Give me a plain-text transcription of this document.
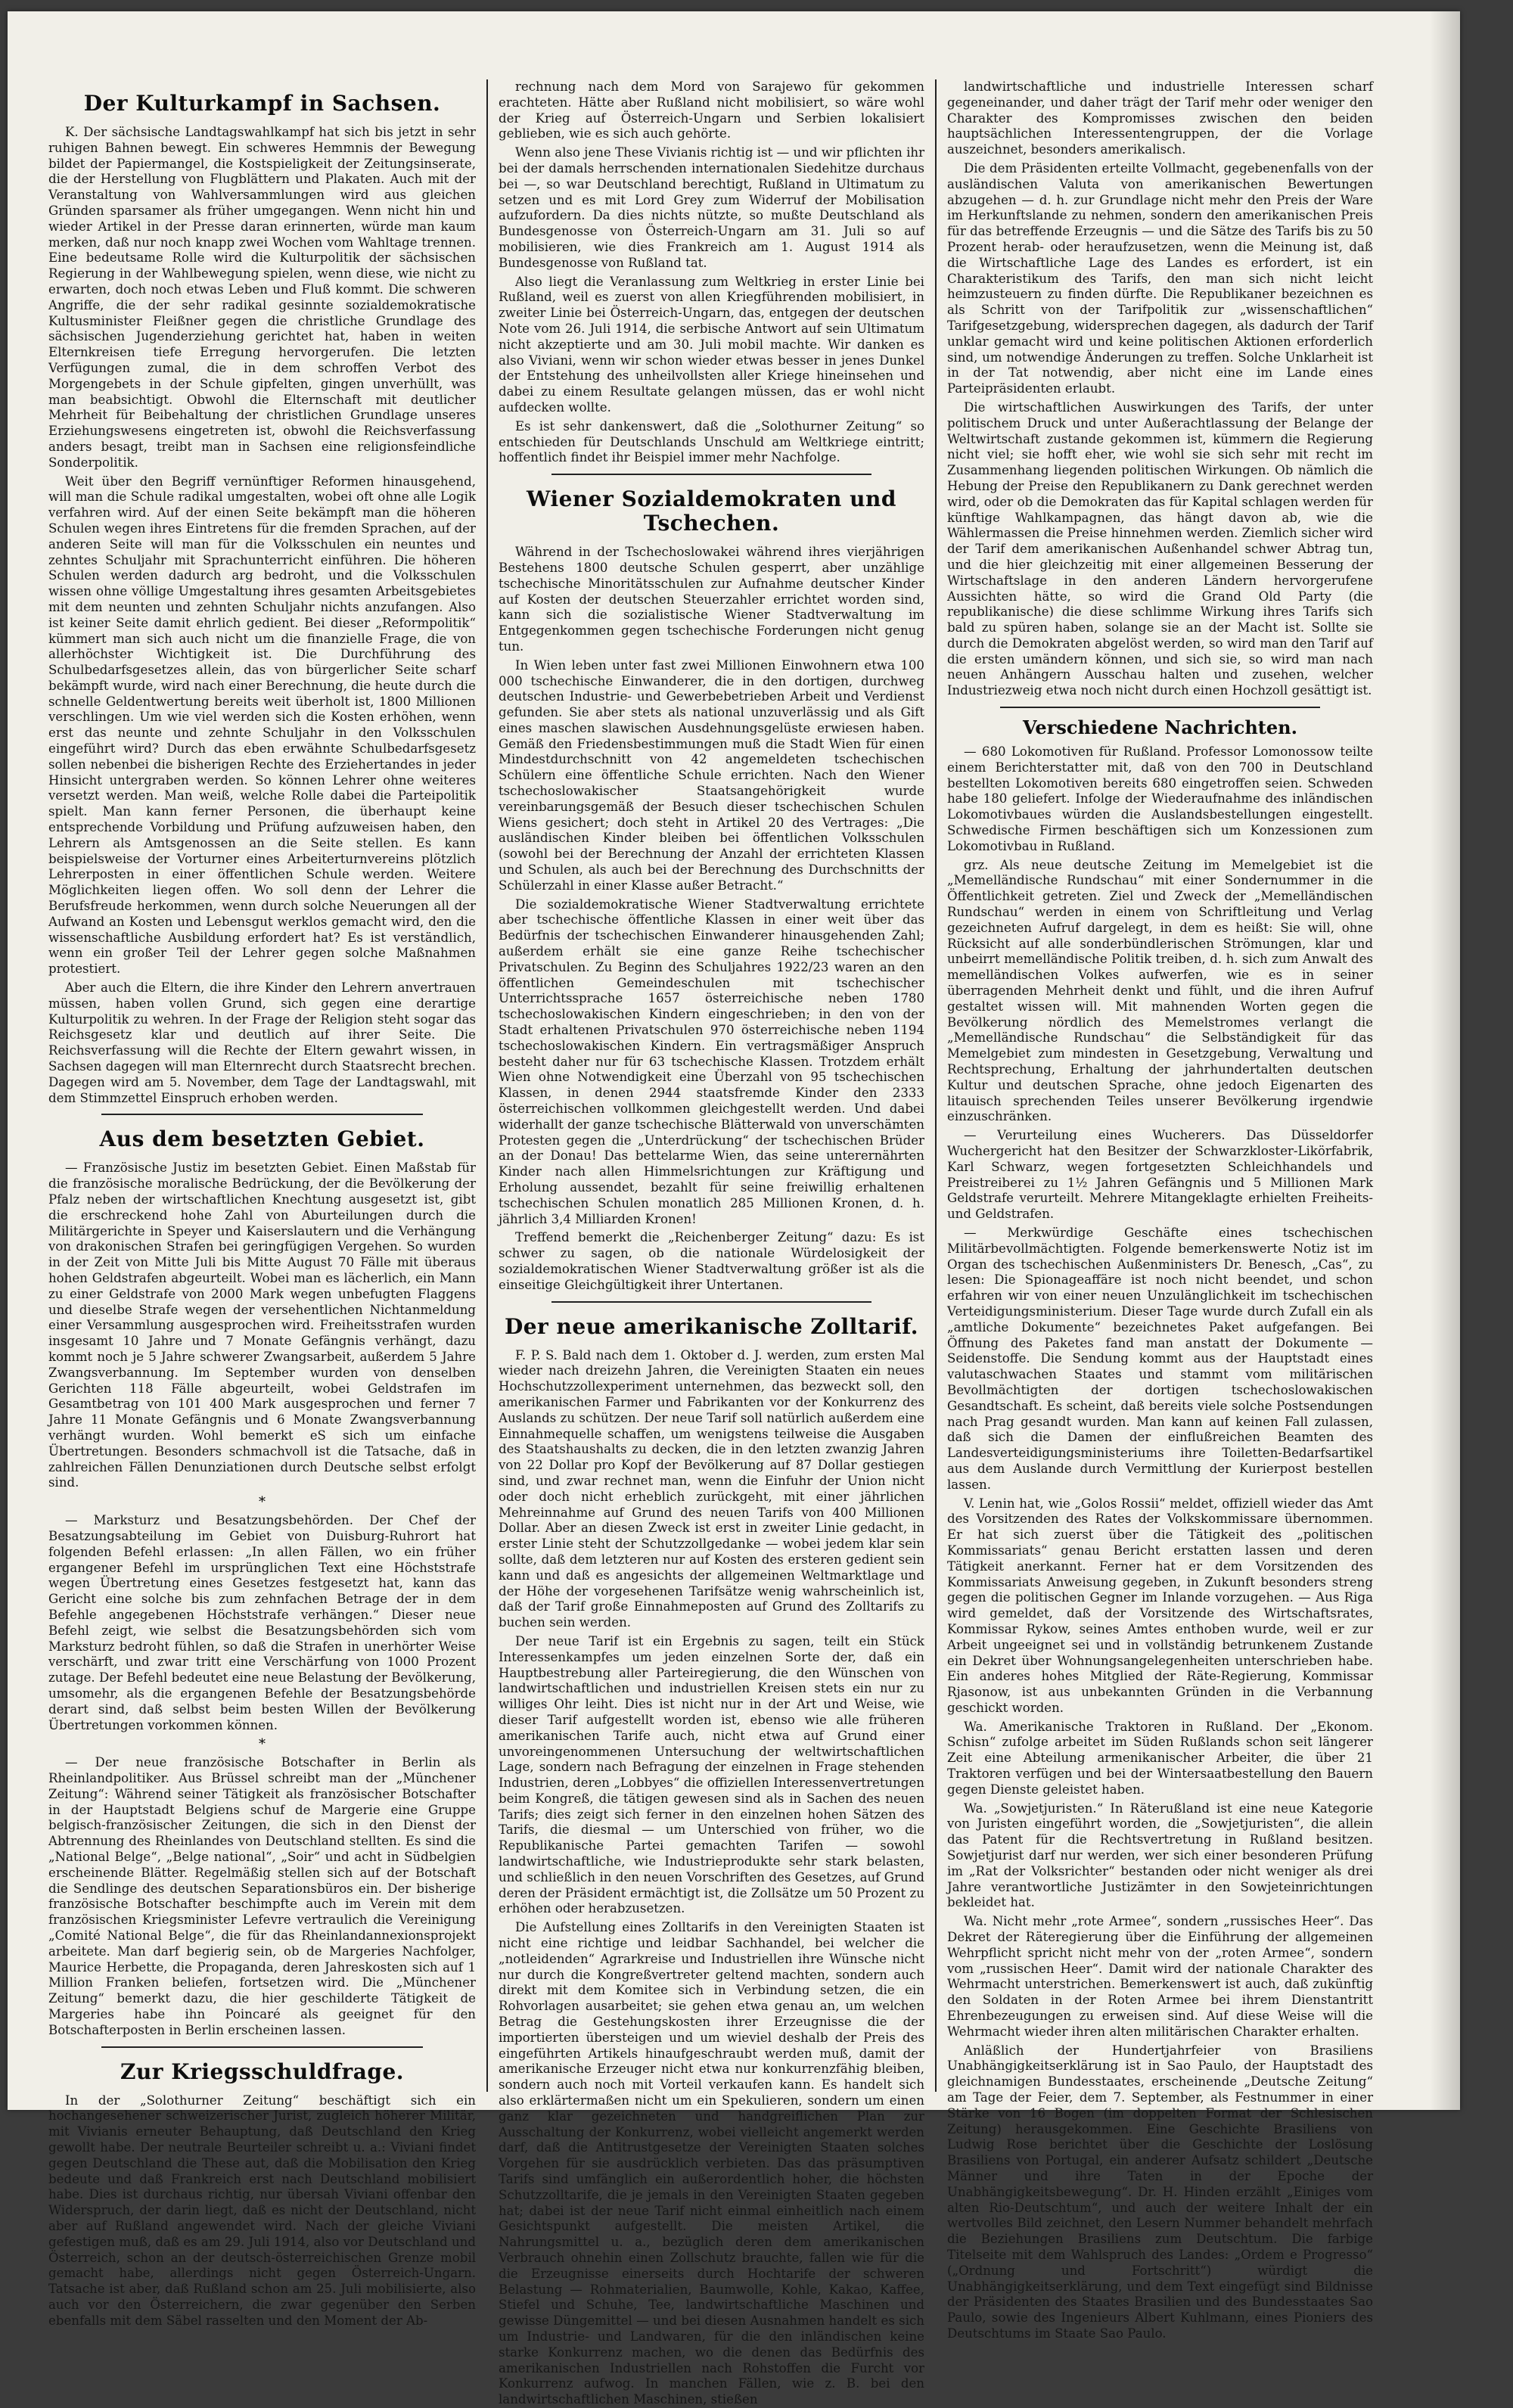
Der Kulturkampf in Sachsen.

K. Der sächsische Landtagswahlkampf hat sich bis jetzt in sehr ruhigen Bahnen bewegt. Ein schweres Hemmnis der Bewegung bildet der Papiermangel, die Kostspieligkeit der Zeitungsinserate, die der Herstellung von Flugblättern und Plakaten. Auch mit der Veranstaltung von Wahlversammlungen wird aus gleichen Gründen sparsamer als früher umgegangen. Wenn nicht hin und wieder Artikel in der Presse daran erinnerten, würde man kaum merken, daß nur noch knapp zwei Wochen vom Wahltage trennen. Eine bedeutsame Rolle wird die Kulturpolitik der sächsischen Regierung in der Wahlbewegung spielen, wenn diese, wie nicht zu erwarten, doch noch etwas Leben und Fluß kommt. Die schweren Angriffe, die der sehr radikal gesinnte sozialdemokratische Kultusminister Fleißner gegen die christliche Grundlage des sächsischen Jugenderziehung gerichtet hat, haben in weiten Elternkreisen tiefe Erregung hervorgerufen. Die letzten Verfügungen zumal, die in dem schroffen Verbot des Morgengebets in der Schule gipfelten, gingen unverhüllt, was man beabsichtigt. Obwohl die Elternschaft mit deutlicher Mehrheit für Beibehaltung der christlichen Grundlage unseres Erziehungswesens eingetreten ist, obwohl die Reichsverfassung anders besagt, treibt man in Sachsen eine religionsfeindliche Sonderpolitik.

Weit über den Begriff vernünftiger Reformen hinausgehend, will man die Schule radikal umgestalten, wobei oft ohne alle Logik verfahren wird. Auf der einen Seite bekämpft man die höheren Schulen wegen ihres Eintretens für die fremden Sprachen, auf der anderen Seite will man für die Volksschulen ein neuntes und zehntes Schuljahr mit Sprachunterricht einführen. Die höheren Schulen werden dadurch arg bedroht, und die Volksschulen wissen ohne völlige Umgestaltung ihres gesamten Arbeitsgebietes mit dem neunten und zehnten Schuljahr nichts anzufangen. Also ist keiner Seite damit ehrlich gedient. Bei dieser „Reformpolitik“ kümmert man sich auch nicht um die finanzielle Frage, die von allerhöchster Wichtigkeit ist. Die Durchführung des Schulbedarfsgesetzes allein, das von bürgerlicher Seite scharf bekämpft wurde, wird nach einer Berechnung, die heute durch die schnelle Geldentwertung bereits weit überholt ist, 1800 Millionen verschlingen. Um wie viel werden sich die Kosten erhöhen, wenn erst das neunte und zehnte Schuljahr in den Volksschulen eingeführt wird? Durch das eben erwähnte Schulbedarfsgesetz sollen nebenbei die bisherigen Rechte des Erziehertandes in jeder Hinsicht untergraben werden. So können Lehrer ohne weiteres versetzt werden. Man weiß, welche Rolle dabei die Parteipolitik spielt. Man kann ferner Personen, die überhaupt keine entsprechende Vorbildung und Prüfung aufzuweisen haben, den Lehrern als Amtsgenossen an die Seite stellen. Es kann beispielsweise der Vorturner eines Arbeiterturnvereins plötzlich Lehrerposten in einer öffentlichen Schule werden. Weitere Möglichkeiten liegen offen. Wo soll denn der Lehrer die Berufsfreude herkommen, wenn durch solche Neuerungen all der Aufwand an Kosten und Lebensgut werklos gemacht wird, den die wissenschaftliche Ausbildung erfordert hat? Es ist verständlich, wenn ein großer Teil der Lehrer gegen solche Maßnahmen protestiert.

Aber auch die Eltern, die ihre Kinder den Lehrern anvertrauen müssen, haben vollen Grund, sich gegen eine derartige Kulturpolitik zu wehren. In der Frage der Religion steht sogar das Reichsgesetz klar und deutlich auf ihrer Seite. Die Reichsverfassung will die Rechte der Eltern gewahrt wissen, in Sachsen dagegen will man Elternrecht durch Staatsrecht brechen. Dagegen wird am 5. November, dem Tage der Landtagswahl, mit dem Stimmzettel Einspruch erhoben werden.

Aus dem besetzten Gebiet.

— Französische Justiz im besetzten Gebiet. Einen Maßstab für die französische moralische Bedrückung, der die Bevölkerung der Pfalz neben der wirtschaftlichen Knechtung ausgesetzt ist, gibt die erschreckend hohe Zahl von Aburteilungen durch die Militärgerichte in Speyer und Kaiserslautern und die Verhängung von drakonischen Strafen bei geringfügigen Vergehen. So wurden in der Zeit von Mitte Juli bis Mitte August 70 Fälle mit überaus hohen Geldstrafen abgeurteilt. Wobei man es lächerlich, ein Mann zu einer Geldstrafe von 2000 Mark wegen unbefugten Flaggens und dieselbe Strafe wegen der versehentlichen Nichtanmeldung einer Versammlung ausgesprochen wird. Freiheitsstrafen wurden insgesamt 10 Jahre und 7 Monate Gefängnis verhängt, dazu kommt noch je 5 Jahre schwerer Zwangsarbeit, außerdem 5 Jahre Zwangsverbannung. Im September wurden von denselben Gerichten 118 Fälle abgeurteilt, wobei Geldstrafen im Gesamtbetrag von 101 400 Mark ausgesprochen und ferner 7 Jahre 11 Monate Gefängnis und 6 Monate Zwangsverbannung verhängt wurden. Wohl bemerkt eS sich um einfache Übertretungen. Besonders schmachvoll ist die Tatsache, daß in zahlreichen Fällen Denunziationen durch Deutsche selbst erfolgt sind.

*

— Marksturz und Besatzungsbehörden. Der Chef der Besatzungsabteilung im Gebiet von Duisburg-Ruhrort hat folgenden Befehl erlassen: „In allen Fällen, wo ein früher ergangener Befehl im ursprünglichen Text eine Höchststrafe wegen Übertretung eines Gesetzes festgesetzt hat, kann das Gericht eine solche bis zum zehnfachen Betrage der in dem Befehle angegebenen Höchststrafe verhängen.“ Dieser neue Befehl zeigt, wie selbst die Besatzungsbehörden sich vom Marksturz bedroht fühlen, so daß die Strafen in unerhörter Weise verschärft, und zwar tritt eine Verschärfung von 1000 Prozent zutage. Der Befehl bedeutet eine neue Belastung der Bevölkerung, umsomehr, als die ergangenen Befehle der Besatzungsbehörde derart sind, daß selbst beim besten Willen der Bevölkerung Übertretungen vorkommen können.

*

— Der neue französische Botschafter in Berlin als Rheinlandpolitiker. Aus Brüssel schreibt man der „Münchener Zeitung“: Während seiner Tätigkeit als französischer Botschafter in der Hauptstadt Belgiens schuf de Margerie eine Gruppe belgisch-französischer Zeitungen, die sich in den Dienst der Abtrennung des Rheinlandes von Deutschland stellten. Es sind die „National Belge“, „Belge national“, „Soir“ und acht in Südbelgien erscheinende Blätter. Regelmäßig stellen sich auf der Botschaft die Sendlinge des deutschen Separationsbüros ein. Der bisherige französische Botschafter beschimpfte auch im Verein mit dem französischen Kriegsminister Lefevre vertraulich die Vereinigung „Comité National Belge“, die für das Rheinlandannexionsprojekt arbeitete. Man darf begierig sein, ob de Margeries Nachfolger, Maurice Herbette, die Propaganda, deren Jahreskosten sich auf 1 Million Franken beliefen, fortsetzen wird. Die „Münchener Zeitung“ bemerkt dazu, die hier geschilderte Tätigkeit de Margeries habe ihn Poincaré als geeignet für den Botschafterposten in Berlin erscheinen lassen.

Zur Kriegsschuldfrage.

In der „Solothurner Zeitung“ beschäftigt sich ein hochangesehener schweizerischer Jurist, zugleich höherer Militär, mit Vivianis erneuter Behauptung, daß Deutschland den Krieg gewollt habe. Der neutrale Beurteiler schreibt u. a.: Viviani findet gegen Deutschland die These aut, daß die Mobilisation den Krieg bedeute und daß Frankreich erst nach Deutschland mobilisiert habe. Dies ist durchaus richtig, nur übersah Viviani offenbar den Widerspruch, der darin liegt, daß es nicht der Deutschland, nicht aber auf Rußland angewendet wird. Nach der gleiche Viviani gefestigen muß, daß es am 29. Juli 1914, also vor Deutschland und Österreich, schon an der deutsch-österreichischen Grenze mobil gemacht habe, allerdings nicht gegen Österreich-Ungarn. Tatsache ist aber, daß Rußland schon am 25. Juli mobilisierte, also auch vor den Österreichern, die zwar gegenüber den Serben ebenfalls mit dem Säbel rasselten und den Moment der Ab-

rechnung nach dem Mord von Sarajewo für gekommen erachteten. Hätte aber Rußland nicht mobilisiert, so wäre wohl der Krieg auf Österreich-Ungarn und Serbien lokalisiert geblieben, wie es sich auch gehörte.

Wenn also jene These Vivianis richtig ist — und wir pflichten ihr bei der damals herrschenden internationalen Siedehitze durchaus bei —, so war Deutschland berechtigt, Rußland in Ultimatum zu setzen und es mit Lord Grey zum Widerruf der Mobilisation aufzufordern. Da dies nichts nützte, so mußte Deutschland als Bundesgenosse von Österreich-Ungarn am 31. Juli so auf mobilisieren, wie dies Frankreich am 1. August 1914 als Bundesgenosse von Rußland tat.

Also liegt die Veranlassung zum Weltkrieg in erster Linie bei Rußland, weil es zuerst von allen Kriegführenden mobilisiert, in zweiter Linie bei Österreich-Ungarn, das, entgegen der deutschen Note vom 26. Juli 1914, die serbische Antwort auf sein Ultimatum nicht akzeptierte und am 30. Juli mobil machte. Wir danken es also Viviani, wenn wir schon wieder etwas besser in jenes Dunkel der Entstehung des unheilvollsten aller Kriege hineinsehen und dabei zu einem Resultate gelangen müssen, das er wohl nicht aufdecken wollte.

Es ist sehr dankenswert, daß die „Solothurner Zeitung“ so entschieden für Deutschlands Unschuld am Weltkriege eintritt; hoffentlich findet ihr Beispiel immer mehr Nachfolge.

Wiener Sozialdemokraten und Tschechen.

Während in der Tschechoslowakei während ihres vierjährigen Bestehens 1800 deutsche Schulen gesperrt, aber unzählige tschechische Minoritätsschulen zur Aufnahme deutscher Kinder auf Kosten der deutschen Steuerzahler errichtet worden sind, kann sich die sozialistische Wiener Stadtverwaltung im Entgegenkommen gegen tschechische Forderungen nicht genug tun.

In Wien leben unter fast zwei Millionen Einwohnern etwa 100 000 tschechische Einwanderer, die in den dortigen, durchweg deutschen Industrie- und Gewerbebetrieben Arbeit und Verdienst gefunden. Sie aber stets als national unzuverlässig und als Gift eines maschen slawischen Ausdehnungsgelüste erwiesen haben. Gemäß den Friedensbestimmungen muß die Stadt Wien für einen Mindestdurchschnitt von 42 angemeldeten tschechischen Schülern eine öffentliche Schule errichten. Nach den Wiener tschechoslowakischer Staatsangehörigkeit wurde vereinbarungsgemäß der Besuch dieser tschechischen Schulen Wiens gesichert; doch steht in Artikel 20 des Vertrages: „Die ausländischen Kinder bleiben bei öffentlichen Volksschulen (sowohl bei der Berechnung der Anzahl der errichteten Klassen und Schulen, als auch bei der Berechnung des Durchschnitts der Schülerzahl in einer Klasse außer Betracht.“

Die sozialdemokratische Wiener Stadtverwaltung errichtete aber tschechische öffentliche Klassen in einer weit über das Bedürfnis der tschechischen Einwanderer hinausgehenden Zahl; außerdem erhält sie eine ganze Reihe tschechischer Privatschulen. Zu Beginn des Schuljahres 1922/23 waren an den öffentlichen Gemeindeschulen mit tschechischer Unterrichtssprache 1657 österreichische neben 1780 tschechoslowakischen Kindern eingeschrieben; in den von der Stadt erhaltenen Privatschulen 970 österreichische neben 1194 tschechoslowakischen Kindern. Ein vertragsmäßiger Anspruch besteht daher nur für 63 tschechische Klassen. Trotzdem erhält Wien ohne Notwendigkeit eine Überzahl von 95 tschechischen Klassen, in denen 2944 staatsfremde Kinder den 2333 österreichischen vollkommen gleichgestellt werden. Und dabei widerhallt der ganze tschechische Blätterwald von unverschämten Protesten gegen die „Unterdrückung“ der tschechischen Brüder an der Donau! Das bettelarme Wien, das seine unterernährten Kinder nach allen Himmelsrichtungen zur Kräftigung und Erholung aussendet, bezahlt für seine freiwillig erhaltenen tschechischen Schulen monatlich 285 Millionen Kronen, d. h. jährlich 3,4 Milliarden Kronen!

Treffend bemerkt die „Reichenberger Zeitung“ dazu: Es ist schwer zu sagen, ob die nationale Würdelosigkeit der sozialdemokratischen Wiener Stadtverwaltung größer ist als die einseitige Gleichgültigkeit ihrer Untertanen.

Der neue amerikanische Zolltarif.

F. P. S. Bald nach dem 1. Oktober d. J. werden, zum ersten Mal wieder nach dreizehn Jahren, die Vereinigten Staaten ein neues Hochschutzzollexperiment unternehmen, das bezweckt soll, den amerikanischen Farmer und Fabrikanten vor der Konkurrenz des Auslands zu schützen. Der neue Tarif soll natürlich außerdem eine Einnahmequelle schaffen, um wenigstens teilweise die Ausgaben des Staatshaushalts zu decken, die in den letzten zwanzig Jahren von 22 Dollar pro Kopf der Bevölkerung auf 87 Dollar gestiegen sind, und zwar rechnet man, wenn die Einfuhr der Union nicht oder doch nicht erheblich zurückgeht, mit einer jährlichen Mehreinnahme auf Grund des neuen Tarifs von 400 Millionen Dollar. Aber an diesen Zweck ist erst in zweiter Linie gedacht, in erster Linie steht der Schutzzollgedanke — wobei jedem klar sein sollte, daß dem letzteren nur auf Kosten des ersteren gedient sein kann und daß es angesichts der allgemeinen Weltmarktlage und der Höhe der vorgesehenen Tarifsätze wenig wahrscheinlich ist, daß der Tarif große Einnahmeposten auf Grund des Zolltarifs zu buchen sein werden.

Der neue Tarif ist ein Ergebnis zu sagen, teilt ein Stück Interessenkampfes um jeden einzelnen Sorte der, daß ein Hauptbestrebung aller Parteiregierung, die den Wünschen von landwirtschaftlichen und industriellen Kreisen stets ein nur zu williges Ohr leiht. Dies ist nicht nur in der Art und Weise, wie dieser Tarif aufgestellt worden ist, ebenso wie alle früheren amerikanischen Tarife auch, nicht etwa auf Grund einer unvoreingenommenen Untersuchung der weltwirtschaftlichen Lage, sondern nach Befragung der einzelnen in Frage stehenden Industrien, deren „Lobbyes“ die offiziellen Interessenvertretungen beim Kongreß, die tätigen gewesen sind als in Sachen des neuen Tarifs; dies zeigt sich ferner in den einzelnen hohen Sätzen des Tarifs, die diesmal — um Unterschied von früher, wo die Republikanische Partei gemachten Tarifen — sowohl landwirtschaftliche, wie Industrieprodukte sehr stark belasten, und schließlich in den neuen Vorschriften des Gesetzes, auf Grund deren der Präsident ermächtigt ist, die Zollsätze um 50 Prozent zu erhöhen oder herabzusetzen.

Die Aufstellung eines Zolltarifs in den Vereinigten Staaten ist nicht eine richtige und leidbar Sachhandel, bei welcher die „notleidenden“ Agrarkreise und Industriellen ihre Wünsche nicht nur durch die Kongreßvertreter geltend machten, sondern auch direkt mit dem Komitee sich in Verbindung setzen, die ein Rohvorlagen ausarbeitet; sie gehen etwa genau an, um welchen Betrag die Gestehungskosten ihrer Erzeugnisse die der importierten übersteigen und um wieviel deshalb der Preis des eingeführten Artikels hinaufgeschraubt werden muß, damit der amerikanische Erzeuger nicht etwa nur konkurrenzfähig bleiben, sondern auch noch mit Vorteil verkaufen kann. Es handelt sich also erklärtermaßen nicht um ein Spekulieren, sondern um einen ganz klar gezeichneten und handgreiflichen Plan zur Ausschaltung der Konkurrenz, wobei vielleicht angemerkt werden darf, daß die Antitrustgesetze der Vereinigten Staaten solches Vorgehen für sie ausdrücklich verbieten. Das das präsumptiven Tarifs sind umfänglich ein außerordentlich hoher, die höchsten Schutzzolltarife, die je jemals in den Vereinigten Staaten gegeben hat; dabei ist der neue Tarif nicht einmal einheitlich nach einem Gesichtspunkt aufgestellt. Die meisten Artikel, die Nahrungsmittel u. a., bezüglich deren dem amerikanischen Verbrauch ohnehin einen Zollschutz brauchte, fallen wie für die die Erzeugnisse einerseits durch Hochtarife der schweren Belastung — Rohmaterialien, Baumwolle, Kohle, Kakao, Kaffee, Stiefel und Schuhe, Tee, landwirtschaftliche Maschinen und gewisse Düngemittel — und bei diesen Ausnahmen handelt es sich um Industrie- und Landwaren, für die den inländischen keine starke Konkurrenz machen, wo die denen das Bedürfnis des amerikanischen Industriellen nach Rohstoffen die Furcht vor Konkurrenz aufwog. In manchen Fällen, wie z. B. bei den landwirtschaftlichen Maschinen, stießen

landwirtschaftliche und industrielle Interessen scharf gegeneinander, und daher trägt der Tarif mehr oder weniger den Charakter des Kompromisses zwischen den beiden hauptsächlichen Interessentengruppen, der die Vorlage auszeichnet, besonders amerikalisch.

Die dem Präsidenten erteilte Vollmacht, gegebenenfalls von der ausländischen Valuta von amerikanischen Bewertungen abzugehen — d. h. zur Grundlage nicht mehr den Preis der Ware im Herkunftslande zu nehmen, sondern den amerikanischen Preis für das betreffende Erzeugnis — und die Sätze des Tarifs bis zu 50 Prozent herab- oder heraufzusetzen, wenn die Meinung ist, daß die Wirtschaftliche Lage des Landes es erfordert, ist ein Charakteristikum des Tarifs, den man sich nicht leicht heimzusteuern zu finden dürfte. Die Republikaner bezeichnen es als Schritt von der Tarifpolitik zur „wissenschaftlichen“ Tarifgesetzgebung, widersprechen dagegen, als dadurch der Tarif unklar gemacht wird und keine politischen Aktionen erforderlich sind, um notwendige Änderungen zu treffen. Solche Unklarheit ist in der Tat notwendig, aber nicht eine im Lande eines Parteipräsidenten erlaubt.

Die wirtschaftlichen Auswirkungen des Tarifs, der unter politischem Druck und unter Außerachtlassung der Belange der Weltwirtschaft zustande gekommen ist, kümmern die Regierung nicht viel; sie hofft eher, wie wohl sie sich sehr mit recht im Zusammenhang liegenden politischen Wirkungen. Ob nämlich die Hebung der Preise den Republikanern zu Dank gerechnet werden wird, oder ob die Demokraten das für Kapital schlagen werden für künftige Wahlkampagnen, das hängt davon ab, wie die Wählermassen die Preise hinnehmen werden. Ziemlich sicher wird der Tarif dem amerikanischen Außenhandel schwer Abtrag tun, und die hier gleichzeitig mit einer allgemeinen Besserung der Wirtschaftslage in den anderen Ländern hervorgerufene Aussichten hätte, so wird die Grand Old Party (die republikanische) die diese schlimme Wirkung ihres Tarifs sich bald zu spüren haben, solange sie an der Macht ist. Sollte sie durch die Demokraten abgelöst werden, so wird man den Tarif auf die ersten umändern können, und sich sie, so wird man nach neuen Anhängern Ausschau halten und zusehen, welcher Industriezweig etwa noch nicht durch einen Hochzoll gesättigt ist.

Verschiedene Nachrichten.

— 680 Lokomotiven für Rußland. Professor Lomonossow teilte einem Berichterstatter mit, daß von den 700 in Deutschland bestellten Lokomotiven bereits 680 eingetroffen seien. Schweden habe 180 geliefert. Infolge der Wiederaufnahme des inländischen Lokomotivbaues würden die Auslandsbestellungen eingestellt. Schwedische Firmen beschäftigen sich um Konzessionen zum Lokomotivbau in Rußland.

grz. Als neue deutsche Zeitung im Memelgebiet ist die „Memelländische Rundschau“ mit einer Sondernummer in die Öffentlichkeit getreten. Ziel und Zweck der „Memelländischen Rundschau“ werden in einem von Schriftleitung und Verlag gezeichneten Aufruf dargelegt, in dem es heißt: Sie will, ohne Rücksicht auf alle sonderbündlerischen Strömungen, klar und unbeirrt memelländische Politik treiben, d. h. sich zum Anwalt des memelländischen Volkes aufwerfen, wie es in seiner überragenden Mehrheit denkt und fühlt, und die ihren Aufruf gestaltet wissen will. Mit mahnenden Worten gegen die Bevölkerung nördlich des Memelstromes verlangt die „Memelländische Rundschau“ die Selbständigkeit für das Memelgebiet zum mindesten in Gesetzgebung, Verwaltung und Rechtsprechung, Erhaltung der jahrhundertalten deutschen Kultur und deutschen Sprache, ohne jedoch Eigenarten des litauisch sprechenden Teiles unserer Bevölkerung irgendwie einzuschränken.

— Verurteilung eines Wucherers. Das Düsseldorfer Wuchergericht hat den Besitzer der Schwarzkloster-Likörfabrik, Karl Schwarz, wegen fortgesetzten Schleichhandels und Preistreiberei zu 1½ Jahren Gefängnis und 5 Millionen Mark Geldstrafe verurteilt. Mehrere Mitangeklagte erhielten Freiheits- und Geldstrafen.

— Merkwürdige Geschäfte eines tschechischen Militärbevollmächtigten. Folgende bemerkenswerte Notiz ist im Organ des tschechischen Außenministers Dr. Benesch, „Cas“, zu lesen: Die Spionageaffäre ist noch nicht beendet, und schon erfahren wir von einer neuen Unzulänglichkeit im tschechischen Verteidigungsministerium. Dieser Tage wurde durch Zufall ein als „amtliche Dokumente“ bezeichnetes Paket aufgefangen. Bei Öffnung des Paketes fand man anstatt der Dokumente — Seidenstoffe. Die Sendung kommt aus der Hauptstadt eines valutaschwachen Staates und stammt vom militärischen Bevollmächtigten der dortigen tschechoslowakischen Gesandtschaft. Es scheint, daß bereits viele solche Postsendungen nach Prag gesandt wurden. Man kann auf keinen Fall zulassen, daß sich die Damen der einflußreichen Beamten des Landesverteidigungsministeriums ihre Toiletten-Bedarfsartikel aus dem Auslande durch Vermittlung der Kurierpost bestellen lassen.

V. Lenin hat, wie „Golos Rossii“ meldet, offiziell wieder das Amt des Vorsitzenden des Rates der Volkskommissare übernommen. Er hat sich zuerst über die Tätigkeit des „politischen Kommissariats“ genau Bericht erstatten lassen und deren Tätigkeit anerkannt. Ferner hat er dem Vorsitzenden des Kommissariats Anweisung gegeben, in Zukunft besonders streng gegen die politischen Gegner im Inlande vorzugehen. — Aus Riga wird gemeldet, daß der Vorsitzende des Wirtschaftsrates, Kommissar Rykow, seines Amtes enthoben wurde, weil er zur Arbeit ungeeignet sei und in vollständig betrunkenem Zustande ein Dekret über Wohnungsangelegenheiten unterschrieben habe. Ein anderes hohes Mitglied der Räte-Regierung, Kommissar Rjasonow, ist aus unbekannten Gründen in die Verbannung geschickt worden.

Wa. Amerikanische Traktoren in Rußland. Der „Ekonom. Schisn“ zufolge arbeitet im Süden Rußlands schon seit längerer Zeit eine Abteilung armenikanischer Arbeiter, die über 21 Traktoren verfügen und bei der Wintersaatbestellung den Bauern gegen Dienste geleistet haben.

Wa. „Sowjetjuristen.“ In Räterußland ist eine neue Kategorie von Juristen eingeführt worden, die „Sowjetjuristen“, die allein das Patent für die Rechtsvertretung in Rußland besitzen. Sowjetjurist darf nur werden, wer sich einer besonderen Prüfung im „Rat der Volksrichter“ bestanden oder nicht weniger als drei Jahre verantwortliche Justizämter in den Sowjeteinrichtungen bekleidet hat.

Wa. Nicht mehr „rote Armee“, sondern „russisches Heer“. Das Dekret der Räteregierung über die Einführung der allgemeinen Wehrpflicht spricht nicht mehr von der „roten Armee“, sondern vom „russischen Heer“. Damit wird der nationale Charakter des Wehrmacht unterstrichen. Bemerkenswert ist auch, daß zukünftig den Soldaten in der Roten Armee bei ihrem Dienstantritt Ehrenbezeugungen zu erweisen sind. Auf diese Weise will die Wehrmacht wieder ihren alten militärischen Charakter erhalten.

Anläßlich der Hundertjahrfeier von Brasiliens Unabhängigkeitserklärung ist in Sao Paulo, der Hauptstadt des gleichnamigen Bundesstaates, erscheinende „Deutsche Zeitung“ am Tage der Feier, dem 7. September, als Festnummer in einer Stärke von 16 Bogen (im doppelten Format der Schlesischen Zeitung) herausgekommen. Eine Geschichte Brasiliens von Ludwig Rose berichtet über die Geschichte der Loslösung Brasiliens von Portugal, ein anderer Aufsatz schildert „Deutsche Männer und ihre Taten in der Epoche der Unabhängigkeitsbewegung“. Dr. H. Hinden erzählt „Einiges vom alten Rio-Deutschtum“, und auch der weitere Inhalt der ein wertvolles Bild zeichnet, den Lesern Nummer behandelt mehrfach die Beziehungen Brasiliens zum Deutschtum. Die farbige Titelseite mit dem Wahlspruch des Landes: „Ordem e Progresso“ („Ordnung und Fortschritt“) würdigt die Unabhängigkeitserklärung, und dem Text eingefügt sind Bildnisse der Präsidenten des Staates Brasilien und des Bundesstaates Sao Paulo, sowie des Ingenieurs Albert Kuhlmann, eines Pioniers des Deutschtums im Staate Sao Paulo.
